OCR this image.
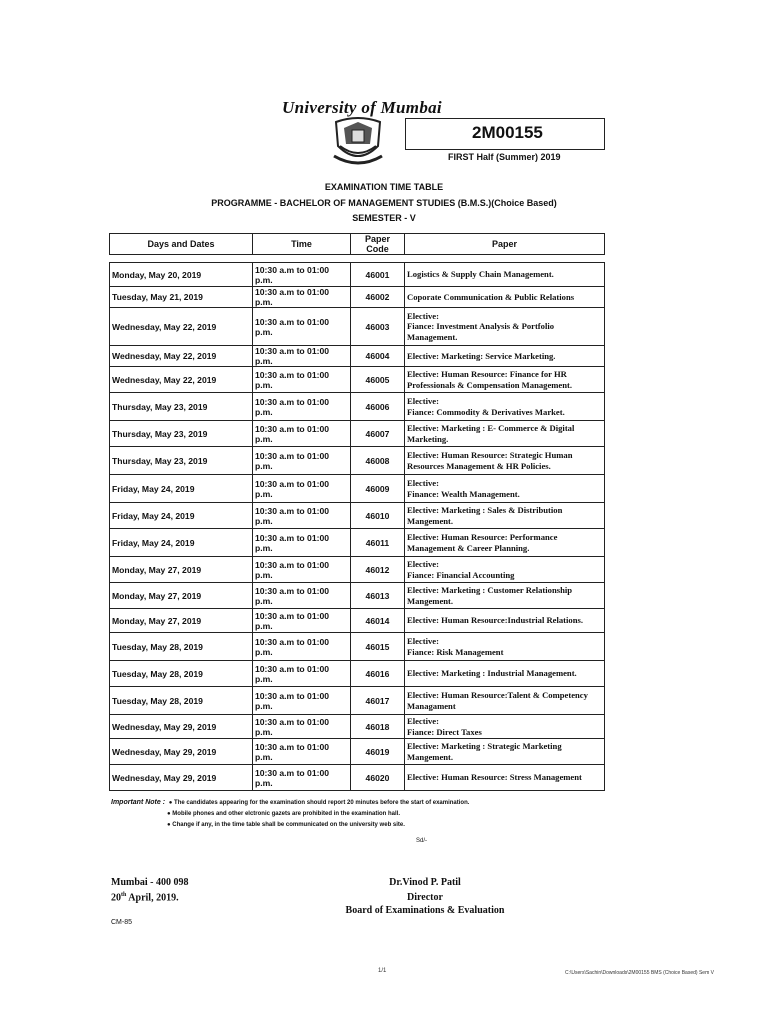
University of Mumbai
2M00155
FIRST Half (Summer) 2019
EXAMINATION TIME TABLE
PROGRAMME - BACHELOR OF MANAGEMENT STUDIES (B.M.S.)(Choice Based)
SEMESTER - V
Days and Dates	Time	Paper Code	Paper

Monday, May 20, 2019	10:30 a.m to 01:00 p.m.	46001	Logistics & Supply Chain Management.
Tuesday, May 21, 2019	10:30 a.m to 01:00 p.m.	46002	Coporate Communication & Public Relations
Wednesday, May 22, 2019	10:30 a.m to 01:00 p.m.	46003	Elective:
Fiance: Investment Analysis & Portfolio
Management.
Wednesday, May 22, 2019	10:30 a.m to 01:00 p.m.	46004	Elective: Marketing: Service Marketing.
Wednesday, May 22, 2019	10:30 a.m to 01:00 p.m.	46005	Elective: Human Resource: Finance for HR
Professionals & Compensation Management.
Thursday, May 23, 2019	10:30 a.m to 01:00 p.m.	46006	Elective:
Fiance: Commodity & Derivatives Market.
Thursday, May 23, 2019	10:30 a.m to 01:00 p.m.	46007	Elective: Marketing : E- Commerce & Digital
Marketing.
Thursday, May 23, 2019	10:30 a.m to 01:00 p.m.	46008	Elective: Human Resource: Strategic Human
Resources Management & HR Policies.
Friday, May 24, 2019	10:30 a.m to 01:00 p.m.	46009	Elective:
Finance: Wealth Management.
Friday, May 24, 2019	10:30 a.m to 01:00 p.m.	46010	Elective: Marketing : Sales & Distribution
Mangement.
Friday, May 24, 2019	10:30 a.m to 01:00 p.m.	46011	Elective: Human Resource: Performance
Management & Career Planning.
Monday, May 27, 2019	10:30 a.m to 01:00 p.m.	46012	Elective:
Fiance: Financial Accounting
Monday, May 27, 2019	10:30 a.m to 01:00 p.m.	46013	Elective: Marketing : Customer Relationship
Mangement.
Monday, May 27, 2019	10:30 a.m to 01:00 p.m.	46014	Elective: Human Resource:Industrial Relations.
Tuesday, May 28, 2019	10:30 a.m to 01:00 p.m.	46015	Elective:
Fiance: Risk Management
Tuesday, May 28, 2019	10:30 a.m to 01:00 p.m.	46016	Elective: Marketing : Industrial Management.
Tuesday, May 28, 2019	10:30 a.m to 01:00 p.m.	46017	Elective: Human Resource:Talent & Competency
Managament
Wednesday, May 29, 2019	10:30 a.m to 01:00 p.m.	46018	Elective:
Fiance: Direct Taxes
Wednesday, May 29, 2019	10:30 a.m to 01:00 p.m.	46019	Elective: Marketing : Strategic Marketing
Mangement.
Wednesday, May 29, 2019	10:30 a.m to 01:00 p.m.	46020	Elective: Human Resource: Stress Management
Important Note : ● The candidates appearing for the examination should report 20 minutes before the start of examination.
● Mobile phones and other elctronic gazets are prohibited in the examination hall.
● Change if any, in the time table shall be communicated on the university web site.
Sd/-
Mumbai - 400 098
20th April, 2019.
Dr.Vinod P. Patil
Director
Board of Examinations & Evaluation
CM-85
1/1	C:\Users\Sachin\Downloads\2M00155 BMS (Choice Based) Sem V
